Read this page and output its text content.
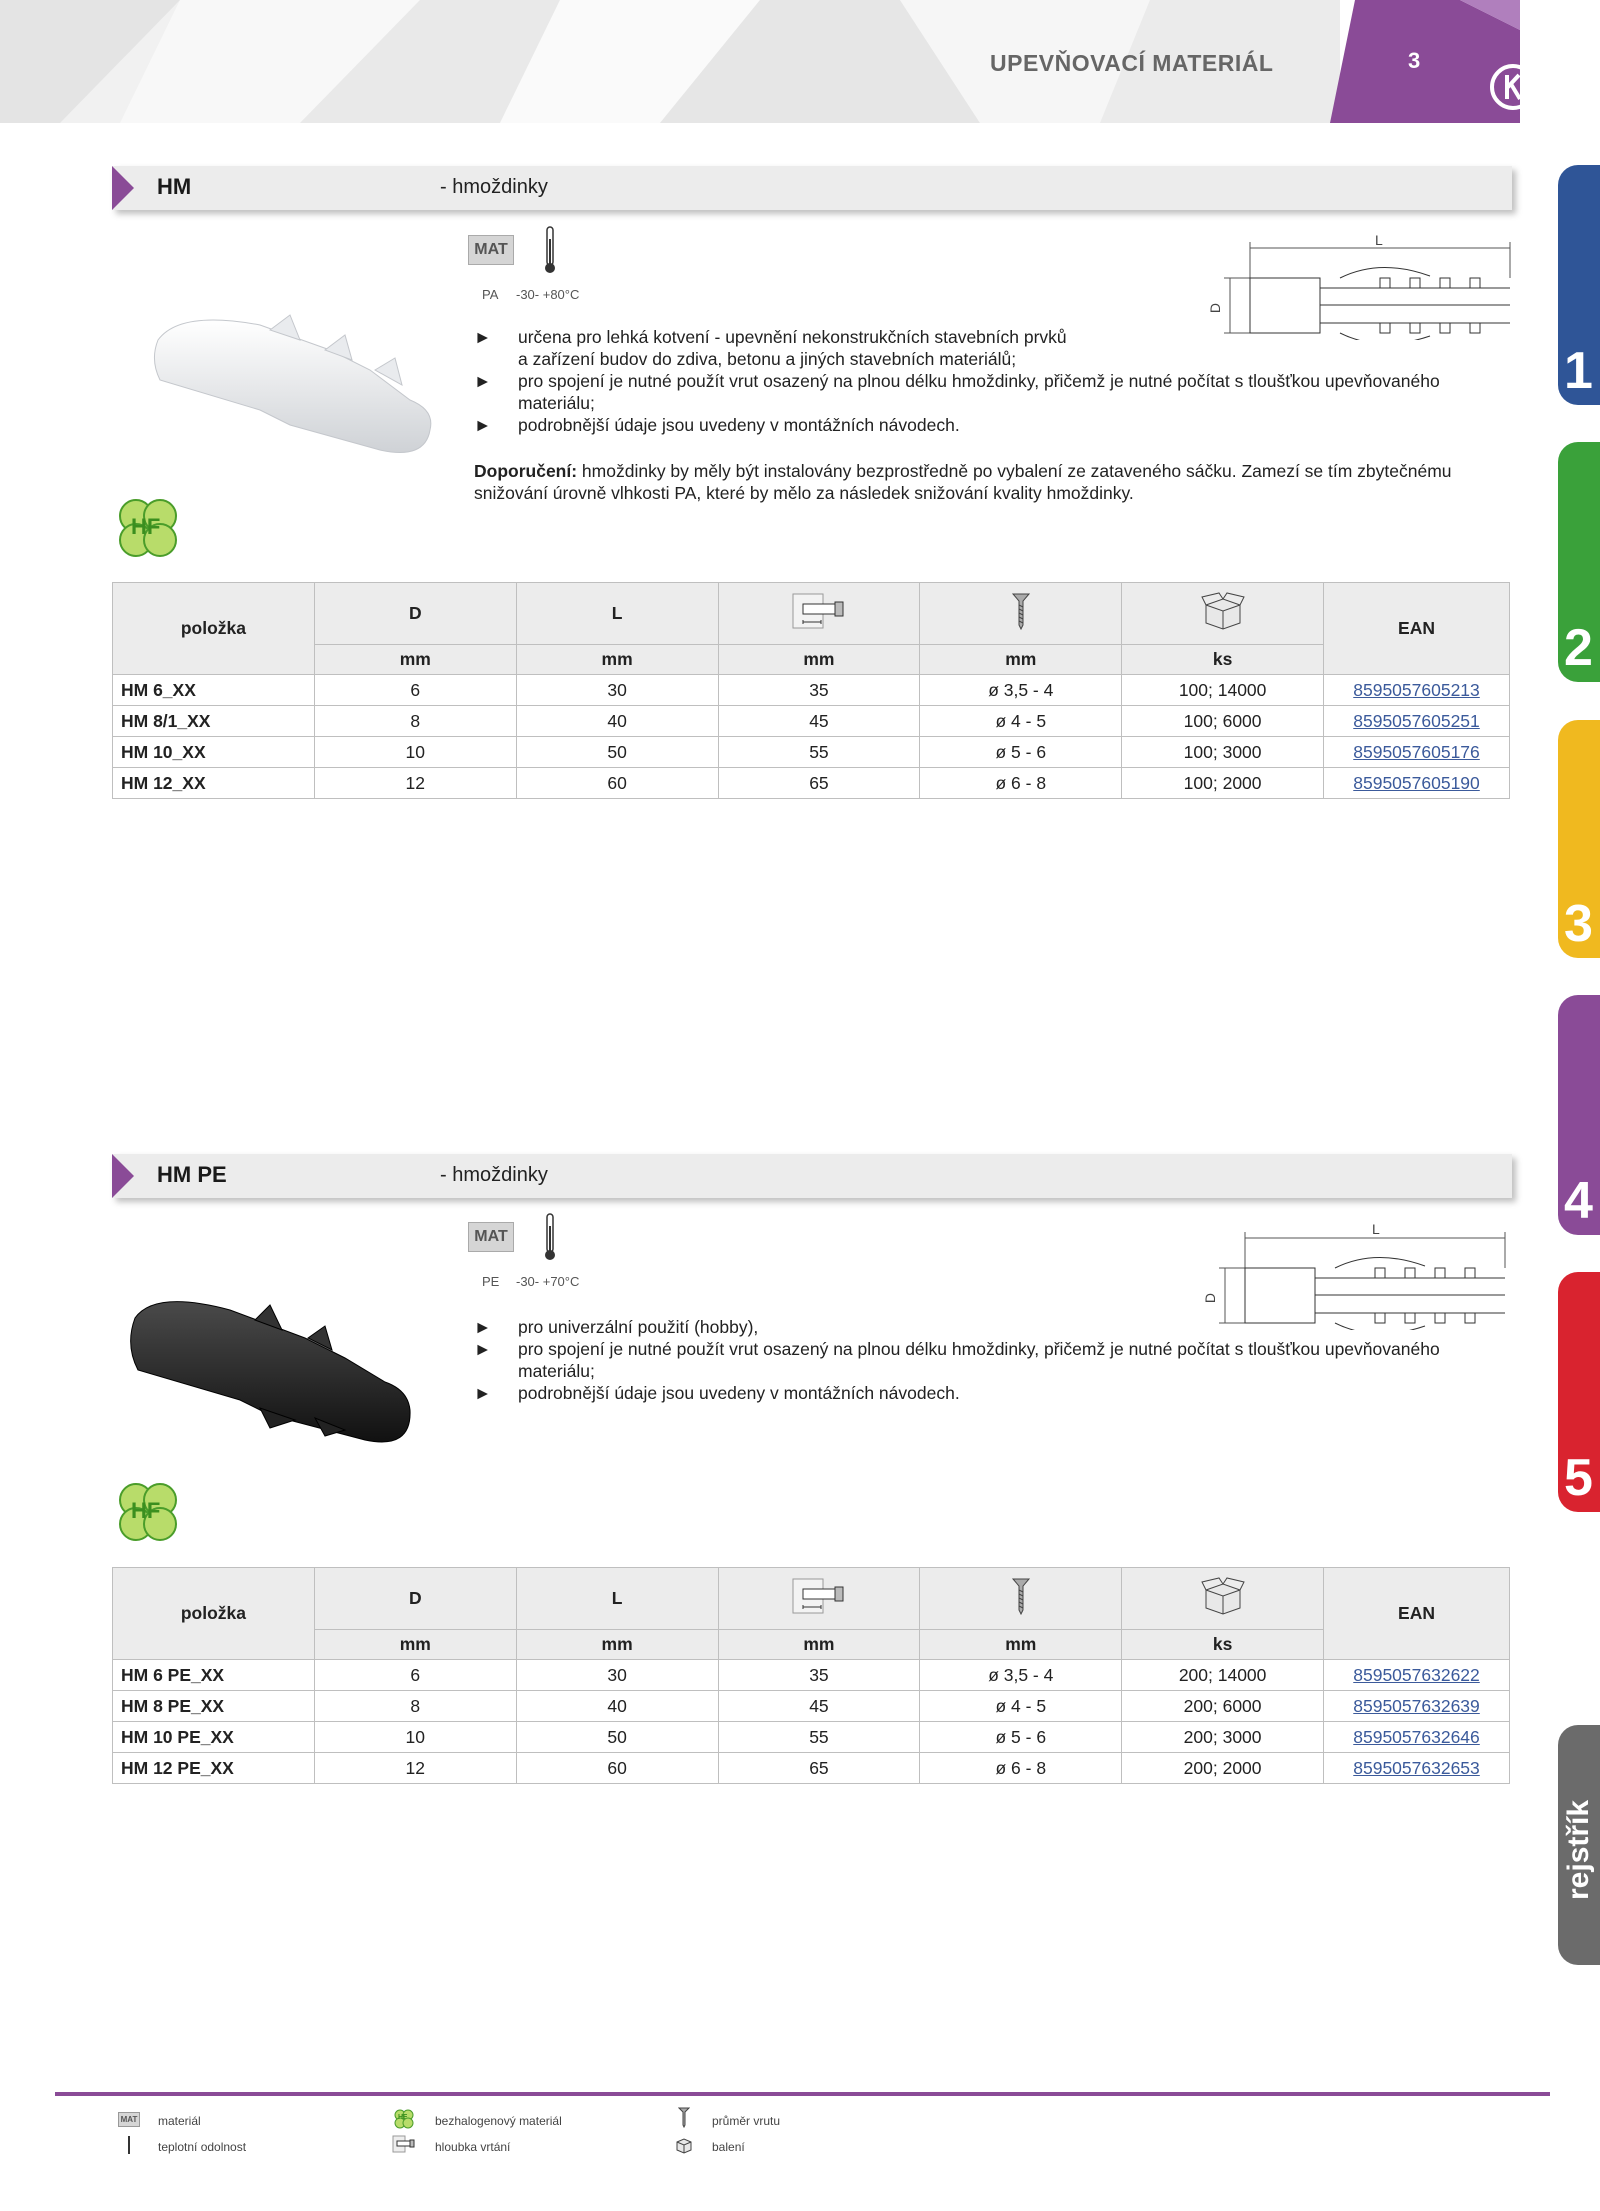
UPEVŇOVACÍ MATERIÁL	3
1
2
3
4
5
rejstřík
HM	- hmoždinky
MAT
PA -30- +80°C
L
D
► určena pro lehká kotvení - upevnění nekonstrukčních stavebních prvků
a zařízení budov do zdiva, betonu a jiných stavebních materiálů;
► pro spojení je nutné použít vrut osazený na plnou délku hmoždinky, přičemž je nutné počítat s tloušťkou upevňovaného
materiálu;
► podrobnější údaje jsou uvedeny v montážních návodech.
Doporučení: hmoždinky by měly být instalovány bezprostředně po vybalení ze zataveného sáčku. Zamezí se tím zbytečnému
snižování úrovně vlhkosti PA, které by mělo za následek snižování kvality hmoždinky.
HF
položka	D	L				EAN
	mm	mm	mm	mm	ks	
HM 6_XX	6	30	35	ø 3,5 - 4	100; 14000	8595057605213
HM 8/1_XX	8	40	45	ø 4 - 5	100; 6000	8595057605251
HM 10_XX	10	50	55	ø 5 - 6	100; 3000	8595057605176
HM 12_XX	12	60	65	ø 6 - 8	100; 2000	8595057605190
HM PE	- hmoždinky
MAT
PE -30- +70°C
L
D
► pro univerzální použití (hobby),
► pro spojení je nutné použít vrut osazený na plnou délku hmoždinky, přičemž je nutné počítat s tloušťkou upevňovaného
materiálu;
► podrobnější údaje jsou uvedeny v montážních návodech.
HF
položka	D	L				EAN
	mm	mm	mm	mm	ks	
HM 6 PE_XX	6	30	35	ø 3,5 - 4	200; 14000	8595057632622
HM 8 PE_XX	8	40	45	ø 4 - 5	200; 6000	8595057632639
HM 10 PE_XX	10	50	55	ø 5 - 6	200; 3000	8595057632646
HM 12 PE_XX	12	60	65	ø 6 - 8	200; 2000	8595057632653
MAT materiál
teplotní odolnost
HF bezhalogenový materiál
hloubka vrtání
průměr vrutu
balení
